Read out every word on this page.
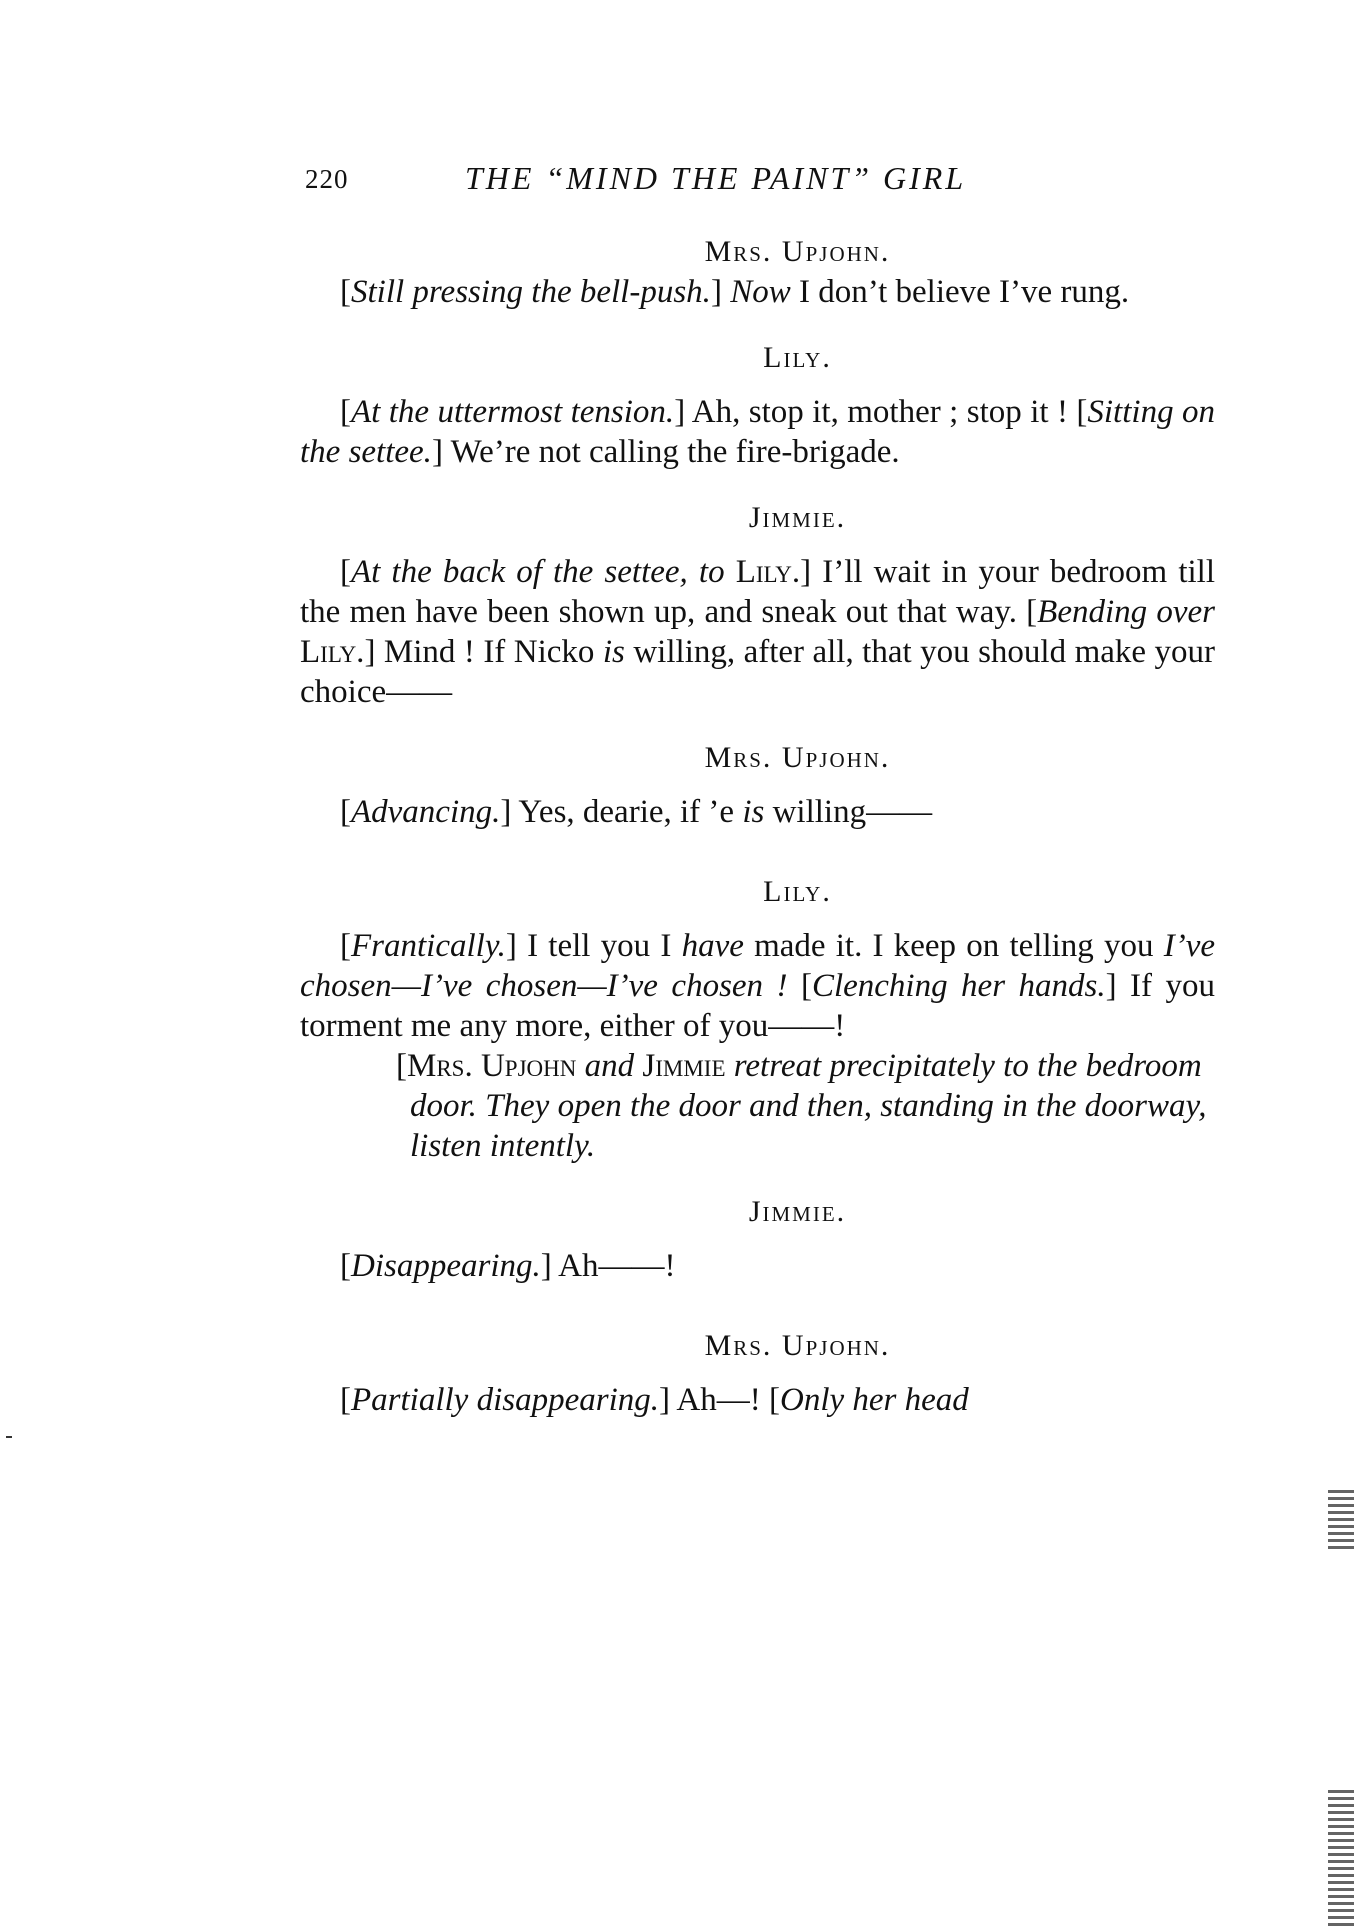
220	THE “MIND THE PAINT” GIRL

Mrs. Upjohn.

[Still pressing the bell-push.] Now I don’t believe I’ve rung.

Lily.

[At the uttermost tension.] Ah, stop it, mother ; stop it ! [Sitting on the settee.] We’re not calling the fire-brigade.

Jimmie.

[At the back of the settee, to Lily.] I’ll wait in your bedroom till the men have been shown up, and sneak out that way. [Bending over Lily.] Mind ! If Nicko is willing, after all, that you should make your choice——

Mrs. Upjohn.

[Advancing.] Yes, dearie, if ’e is willing——

Lily.

[Frantically.] I tell you I have made it. I keep on telling you I’ve chosen—I’ve chosen—I’ve chosen ! [Clenching her hands.] If you torment me any more, either of you——!

[Mrs. Upjohn and Jimmie retreat precipitately to the bedroom door. They open the door and then, standing in the doorway, listen intently.

Jimmie.

[Disappearing.] Ah——!

Mrs. Upjohn.

[Partially disappearing.] Ah—! [Only her head
